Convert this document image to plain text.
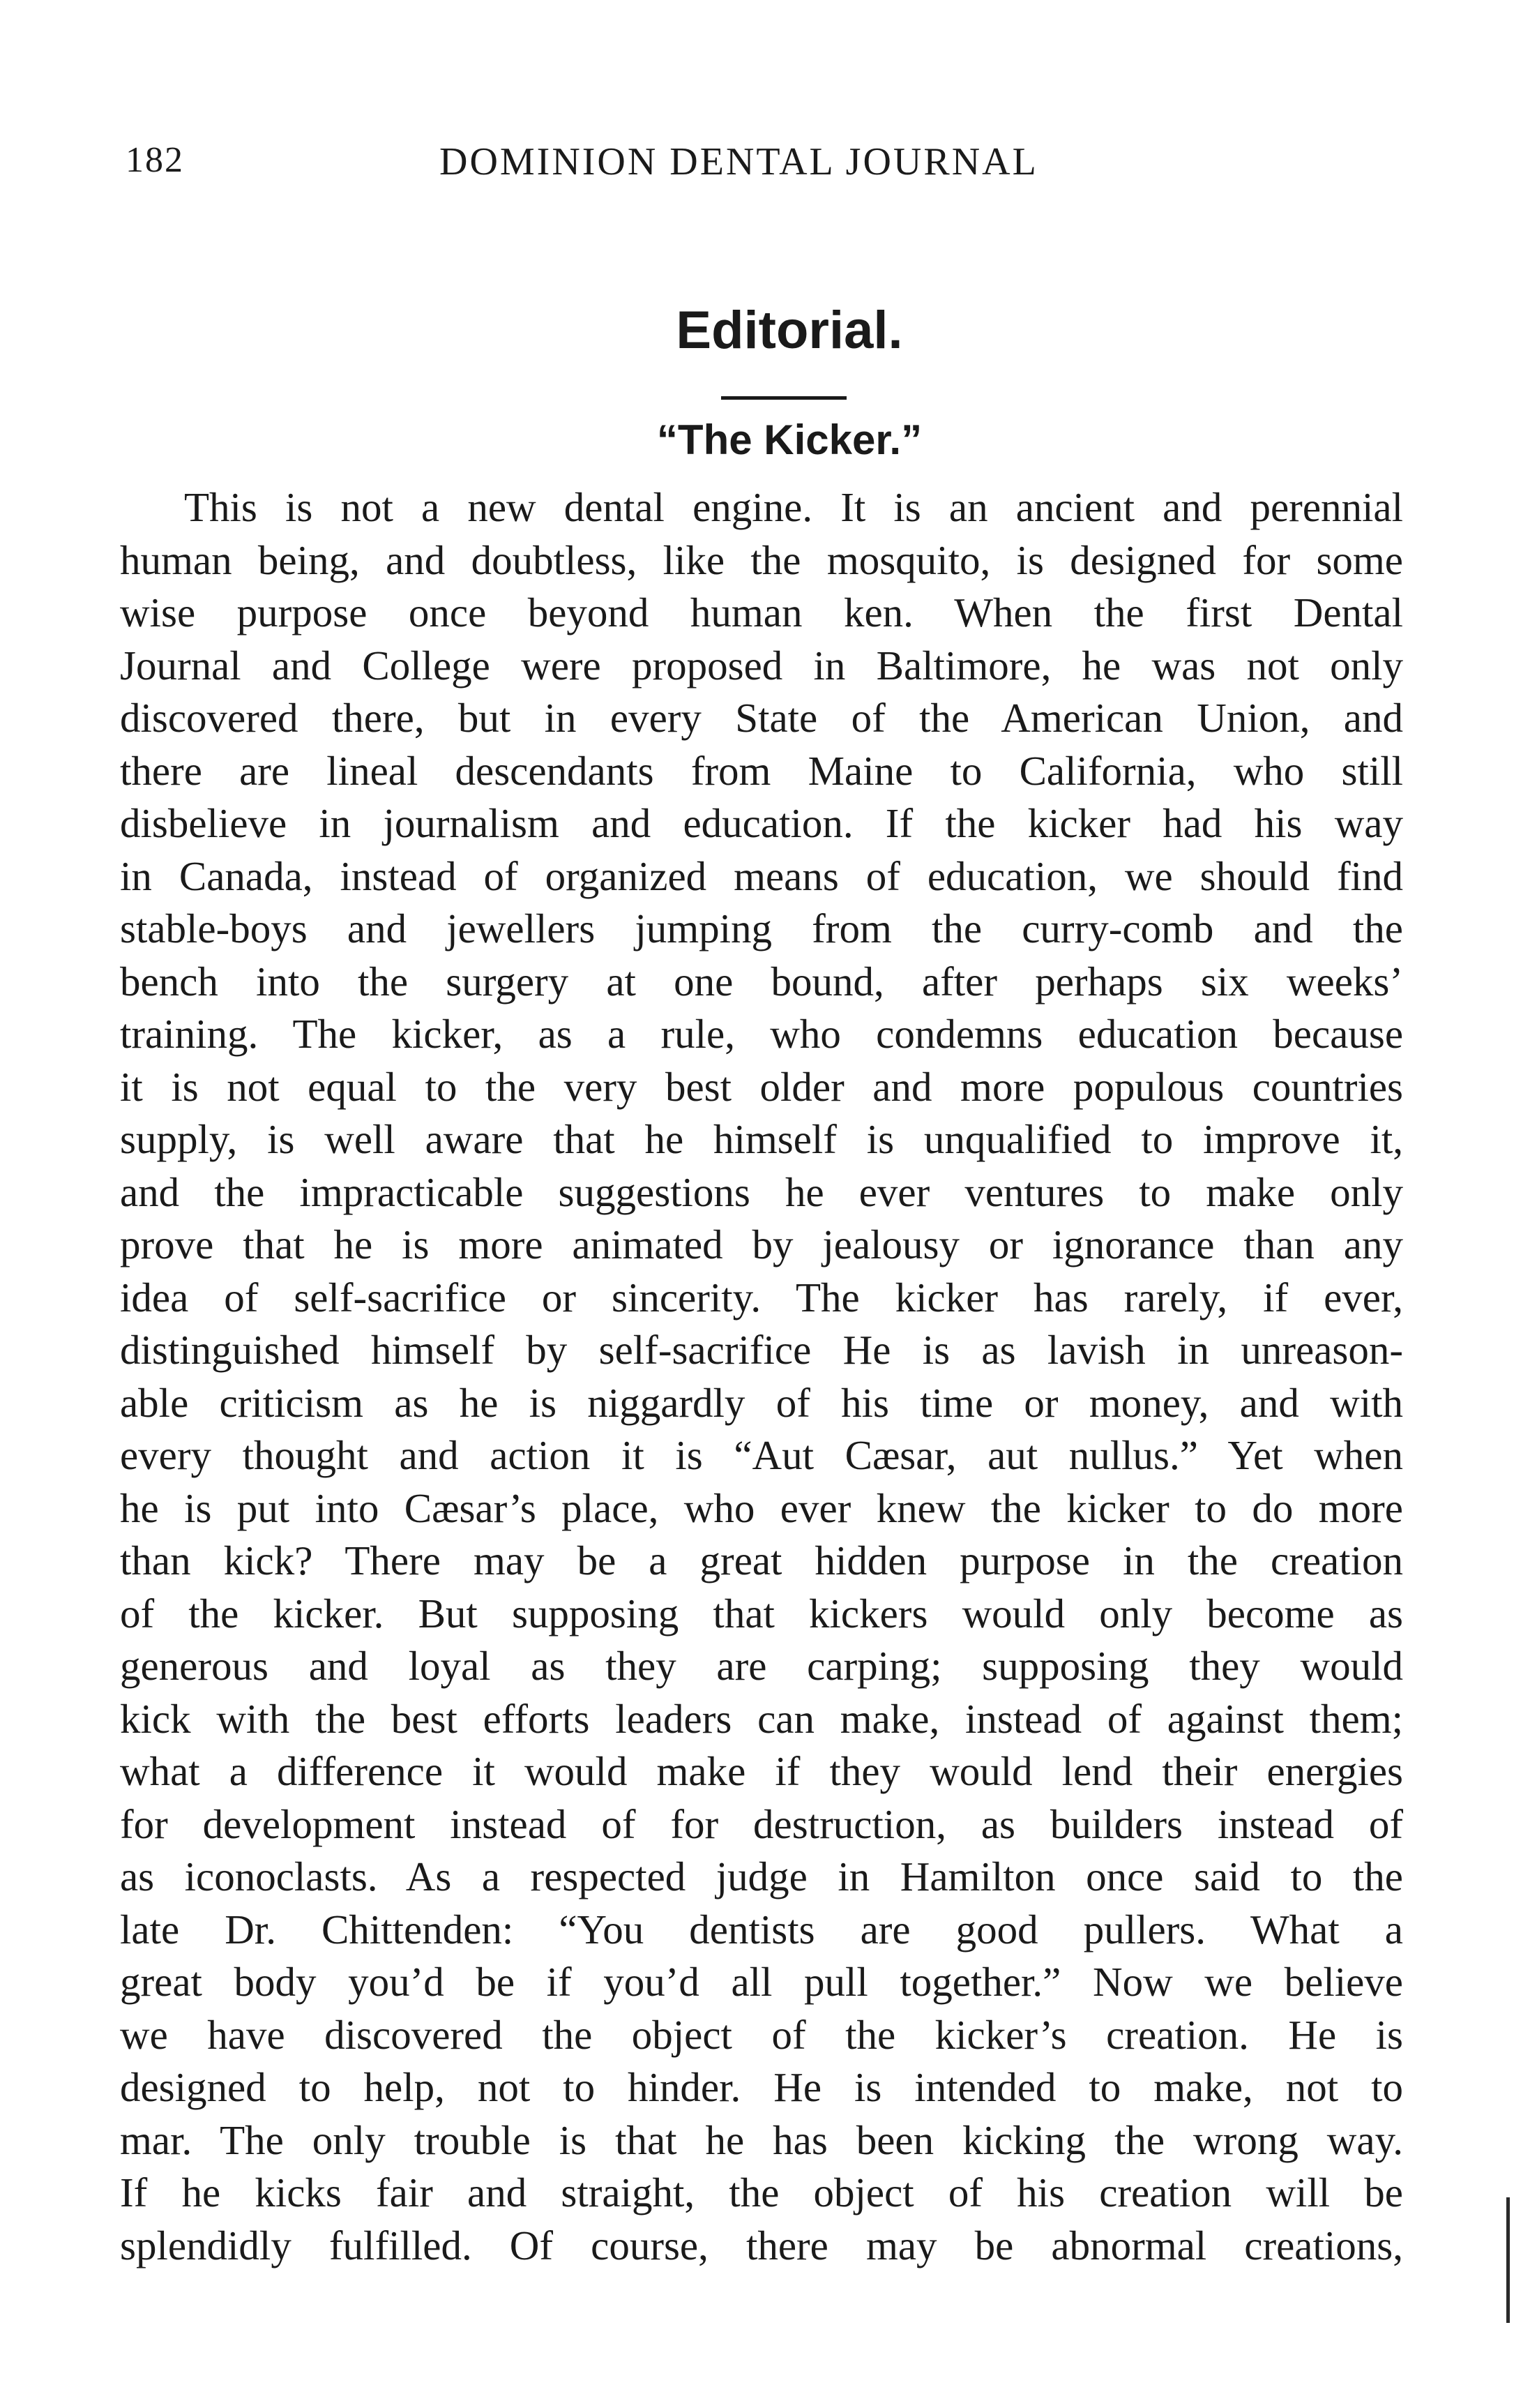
182	DOMINION DENTAL JOURNAL
Editorial.
“The Kicker.”
This is not a new dental engine. It is an ancient and perennial
human being, and doubtless, like the mosquito, is designed for some
wise purpose once beyond human ken. When the first Dental
Journal and College were proposed in Baltimore, he was not only
discovered there, but in every State of the American Union, and
there are lineal descendants from Maine to California, who still
disbelieve in journalism and education. If the kicker had his way
in Canada, instead of organized means of education, we should find
stable-boys and jewellers jumping from the curry-comb and the
bench into the surgery at one bound, after perhaps six weeks’
training. The kicker, as a rule, who condemns education because
it is not equal to the very best older and more populous countries
supply, is well aware that he himself is unqualified to improve it,
and the impracticable suggestions he ever ventures to make only
prove that he is more animated by jealousy or ignorance than any
idea of self-sacrifice or sincerity. The kicker has rarely, if ever,
distinguished himself by self-sacrifice He is as lavish in unreason-
able criticism as he is niggardly of his time or money, and with
every thought and action it is “Aut Cæsar, aut nullus.” Yet when
he is put into Cæsar’s place, who ever knew the kicker to do more
than kick? There may be a great hidden purpose in the creation
of the kicker. But supposing that kickers would only become as
generous and loyal as they are carping; supposing they would
kick with the best efforts leaders can make, instead of against them;
what a difference it would make if they would lend their energies
for development instead of for destruction, as builders instead of
as iconoclasts. As a respected judge in Hamilton once said to the
late Dr. Chittenden: “You dentists are good pullers. What a
great body you’d be if you’d all pull together.” Now we believe
we have discovered the object of the kicker’s creation. He is
designed to help, not to hinder. He is intended to make, not to
mar. The only trouble is that he has been kicking the wrong way.
If he kicks fair and straight, the object of his creation will be
splendidly fulfilled. Of course, there may be abnormal creations,
